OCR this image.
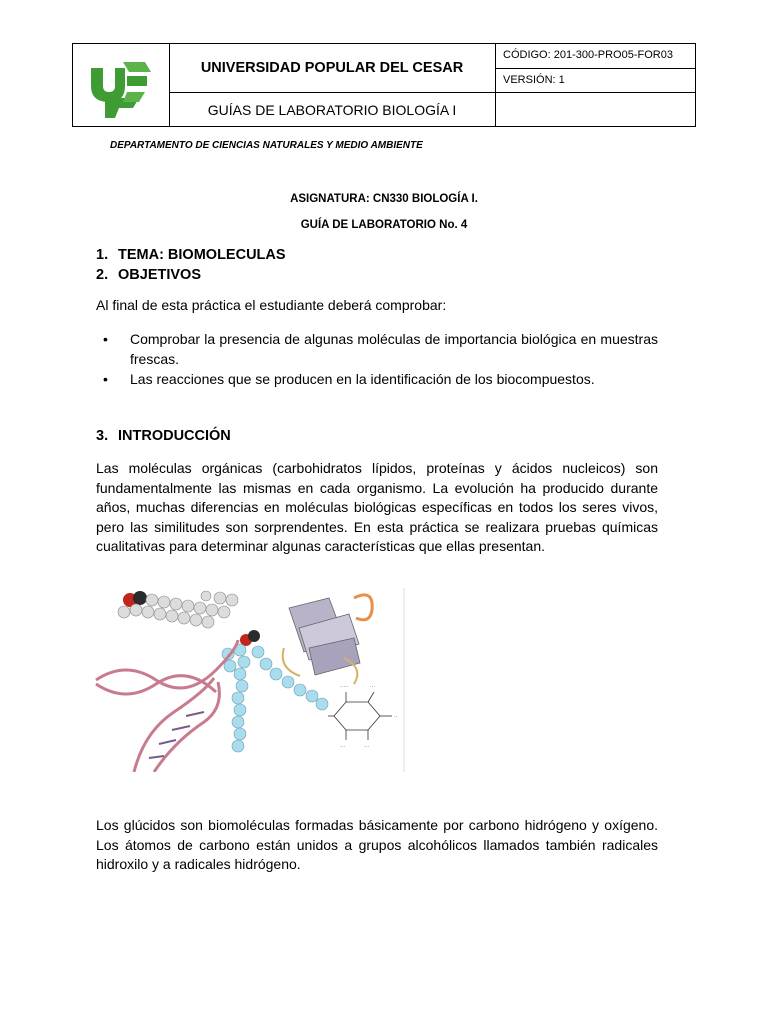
UNIVERSIDAD POPULAR DEL CESAR
GUÍAS DE LABORATORIO BIOLOGÍA I
CÓDIGO: 201-300-PRO05-FOR03
VERSIÓN: 1
DEPARTAMENTO DE CIENCIAS NATURALES Y MEDIO AMBIENTE
ASIGNATURA: CN330 BIOLOGÍA I.
GUÍA DE LABORATORIO No. 4
1. TEMA: BIOMOLECULAS
2. OBJETIVOS
Al final de esta práctica el estudiante deberá comprobar:
• Comprobar la presencia de algunas moléculas de importancia biológica en muestras frescas.
• Las reacciones que se producen en la identificación de los biocompuestos.
3. INTRODUCCIÓN
Las moléculas orgánicas (carbohidratos lípidos, proteínas y ácidos nucleicos) son fundamentalmente las mismas en cada organismo. La evolución ha producido durante años, muchas diferencias en moléculas biológicas específicas en todos los seres vivos, pero las similitudes son sorprendentes. En esta práctica se realizara pruebas químicas cualitativas para determinar algunas características que ellas presentan.
·····	···
··
···
···
Los glúcidos son biomoléculas formadas básicamente por carbono hidrógeno y oxígeno. Los átomos de carbono están unidos a grupos alcohólicos llamados también radicales hidroxilo y a radicales hidrógeno.
